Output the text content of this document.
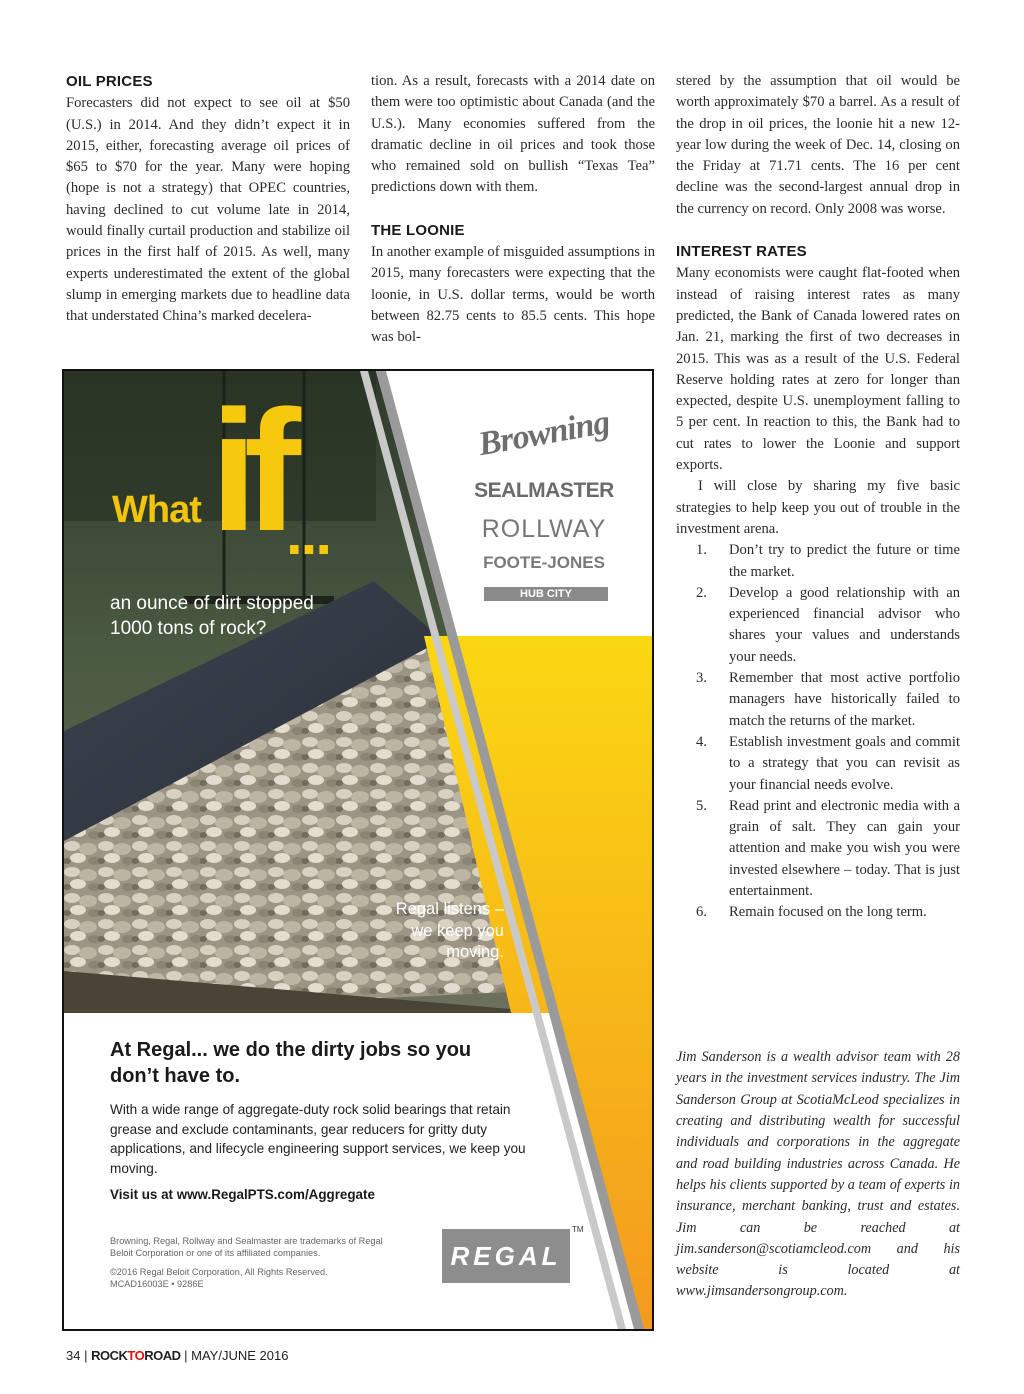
OIL PRICES

Forecasters did not expect to see oil at $50 (U.S.) in 2014. And they didn’t expect it in 2015, either, forecasting average oil prices of $65 to $70 for the year. Many were hoping (hope is not a strategy) that OPEC countries, having declined to cut volume late in 2014, would finally curtail production and stabilize oil prices in the first half of 2015. As well, many experts underestimated the extent of the global slump in emerging markets due to headline data that understated China’s marked decelera-

tion. As a result, forecasts with a 2014 date on them were too optimistic about Canada (and the U.S.). Many economies suffered from the dramatic decline in oil prices and took those who remained sold on bullish “Texas Tea” predictions down with them.

THE LOONIE

In another example of misguided assumptions in 2015, many forecasters were expecting that the loonie, in U.S. dollar terms, would be worth between 82.75 cents to 85.5 cents. This hope was bol-

stered by the assumption that oil would be worth approximately $70 a barrel. As a result of the drop in oil prices, the loonie hit a new 12-year low during the week of Dec. 14, closing on the Friday at 71.71 cents. The 16 per cent decline was the second-largest annual drop in the currency on record. Only 2008 was worse.

INTEREST RATES

Many economists were caught flat-footed when instead of raising interest rates as many predicted, the Bank of Canada lowered rates on Jan. 21, marking the first of two decreases in 2015. This was as a result of the U.S. Federal Reserve holding rates at zero for longer than expected, despite U.S. unemployment falling to 5 per cent. In reaction to this, the Bank had to cut rates to lower the Loonie and support exports.

I will close by sharing my five basic strategies to help keep you out of trouble in the investment arena.

1. Don’t try to predict the future or time the market.
2. Develop a good relationship with an experienced financial advisor who shares your values and understands your needs.
3. Remember that most active portfolio managers have historically failed to match the returns of the market.
4. Establish investment goals and commit to a strategy that you can revisit as your financial needs evolve.
5. Read print and electronic media with a grain of salt. They can gain your attention and make you wish you were invested elsewhere – today. That is just entertainment.
6. Remain focused on the long term.

Jim Sanderson is a wealth advisor team with 28 years in the investment services industry. The Jim Sanderson Group at ScotiaMcLeod specializes in creating and distributing wealth for successful individuals and corporations in the aggregate and road building industries across Canada. He helps his clients supported by a team of experts in insurance, merchant banking, trust and estates. Jim can be reached at jim.sanderson@scotiamcleod.com and his website is located at www.jimsandersongroup.com.

What if
...
an ounce of dirt stopped 1000 tons of rock?
Regal listens –
we keep you
moving.
Browning
SEALMASTER
ROLLWAY
FOOTE-JONES
HUB CITY
At Regal... we do the dirty jobs so you don’t have to.
With a wide range of aggregate-duty rock solid bearings that retain grease and exclude contaminants, gear reducers for gritty duty applications, and lifecycle engineering support services, we keep you moving.
Visit us at www.RegalPTS.com/Aggregate
Browning, Regal, Rollway and Sealmaster are trademarks of Regal Beloit Corporation or one of its affiliated companies.
©2016 Regal Beloit Corporation, All Rights Reserved.
MCAD16003E • 9286E
REGAL
TM
34 | ROCKTOROAD | MAY/JUNE 2016
